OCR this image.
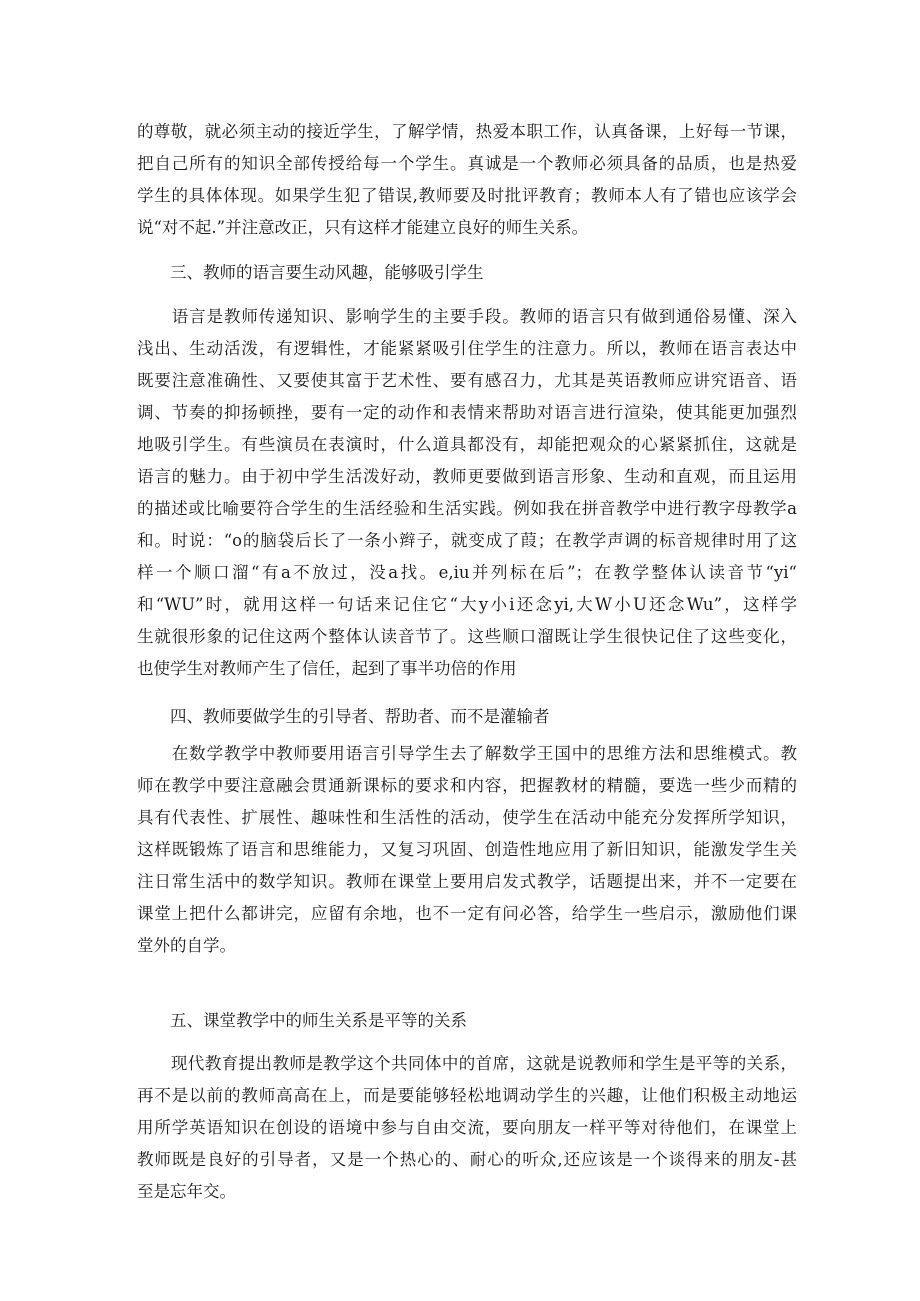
的尊敬，就必须主动的接近学生，了解学情，热爱本职工作，认真备课，上好每一节课，
把自己所有的知识全部传授给每一个学生。真诚是一个教师必须具备的品质，也是热爱
学生的具体体现。如果学生犯了错误,教师要及时批评教育；教师本人有了错也应该学会
说“对不起.”并注意改正，只有这样才能建立良好的师生关系。
　　三、教师的语言要生动风趣，能够吸引学生
　　语言是教师传递知识、影响学生的主要手段。教师的语言只有做到通俗易懂、深入
浅出、生动活泼，有逻辑性，才能紧紧吸引住学生的注意力。所以，教师在语言表达中
既要注意准确性、又要使其富于艺术性、要有感召力，尤其是英语教师应讲究语音、语
调、节奏的抑扬顿挫，要有一定的动作和表情来帮助对语言进行渲染，使其能更加强烈
地吸引学生。有些演员在表演时，什么道具都没有，却能把观众的心紧紧抓住，这就是
语言的魅力。由于初中学生活泼好动，教师更要做到语言形象、生动和直观，而且运用
的描述或比喻要符合学生的生活经验和生活实践。例如我在拼音教学中进行教字母教学a
和。时说：“o的脑袋后长了一条小辫子，就变成了葭；在教学声调的标音规律时用了这
样一个顺口溜“有a不放过，没a找。e,iu并列标在后”；在教学整体认读音节“yi“
和“WU”时，就用这样一句话来记住它“大y小i还念yi,大W小U还念Wu”，这样学
生就很形象的记住这两个整体认读音节了。这些顺口溜既让学生很快记住了这些变化，
也使学生对教师产生了信任，起到了事半功倍的作用
　　四、教师要做学生的引导者、帮助者、而不是灌输者
　　在数学教学中教师要用语言引导学生去了解数学王国中的思维方法和思维模式。教
师在教学中要注意融会贯通新课标的要求和内容，把握教材的精髓，要选一些少而精的
具有代表性、扩展性、趣味性和生活性的活动，使学生在活动中能充分发挥所学知识，
这样既锻炼了语言和思维能力，又复习巩固、创造性地应用了新旧知识，能激发学生关
注日常生活中的数学知识。教师在课堂上要用启发式教学，话题提出来，并不一定要在
课堂上把什么都讲完，应留有余地，也不一定有问必答，给学生一些启示，激励他们课
堂外的自学。
　　五、课堂教学中的师生关系是平等的关系
　　现代教育提出教师是教学这个共同体中的首席，这就是说教师和学生是平等的关系，
再不是以前的教师高高在上，而是要能够轻松地调动学生的兴趣，让他们积极主动地运
用所学英语知识在创设的语境中参与自由交流，要向朋友一样平等对待他们，在课堂上
教师既是良好的引导者，又是一个热心的、耐心的听众,还应该是一个谈得来的朋友-甚
至是忘年交。
